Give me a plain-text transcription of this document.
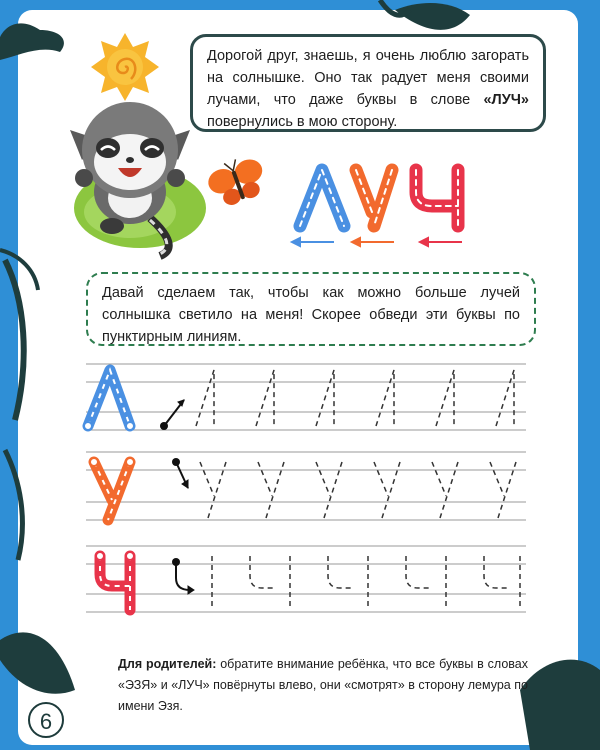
Дорогой друг, знаешь, я очень люблю загорать на солнышке. Оно так радует меня своими лучами, что даже буквы в слове «ЛУЧ» повернулись в мою сторону.
Давай сделаем так, чтобы как можно больше лучей солнышка светило на меня! Скорее обведи эти буквы по пунктирным линиям.
Для родителей: обратите внимание ребёнка, что все буквы в словах «ЭЗЯ» и «ЛУЧ» повёрнуты влево, они «смотрят» в сторону лемура по имени Эзя.
6
